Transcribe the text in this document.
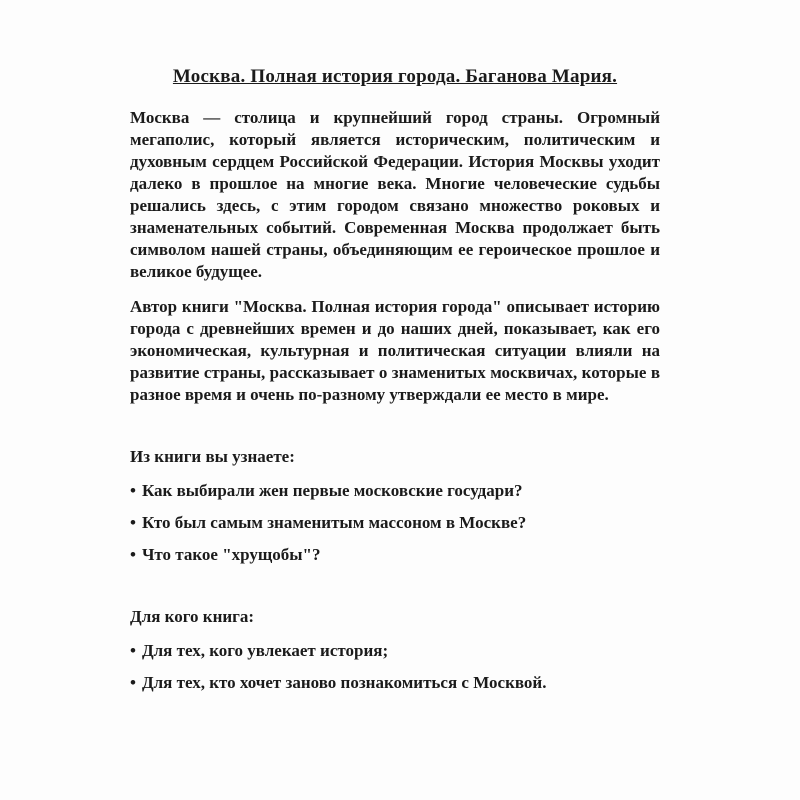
Москва. Полная история города. Баганова Мария.

Москва — столица и крупнейший город страны. Огромный мегаполис, который является историческим, политическим и духовным сердцем Российской Федерации. История Москвы уходит далеко в прошлое на многие века. Многие человеческие судьбы решались здесь, с этим городом связано множество роковых и знаменательных событий. Современная Москва продолжает быть символом нашей страны, объединяющим ее героическое прошлое и великое будущее.

Автор книги "Москва. Полная история города" описывает историю города с древнейших времен и до наших дней, показывает, как его экономическая, культурная и политическая ситуации влияли на развитие страны, рассказывает о знаменитых москвичах, которые в разное время и очень по-разному утверждали ее место в мире.

Из книги вы узнаете:

• Как выбирали жен первые московские государи?
• Кто был самым знаменитым массоном в Москве?
• Что такое "хрущобы"?

Для кого книга:

• Для тех, кого увлекает история;
• Для тех, кто хочет заново познакомиться с Москвой.
